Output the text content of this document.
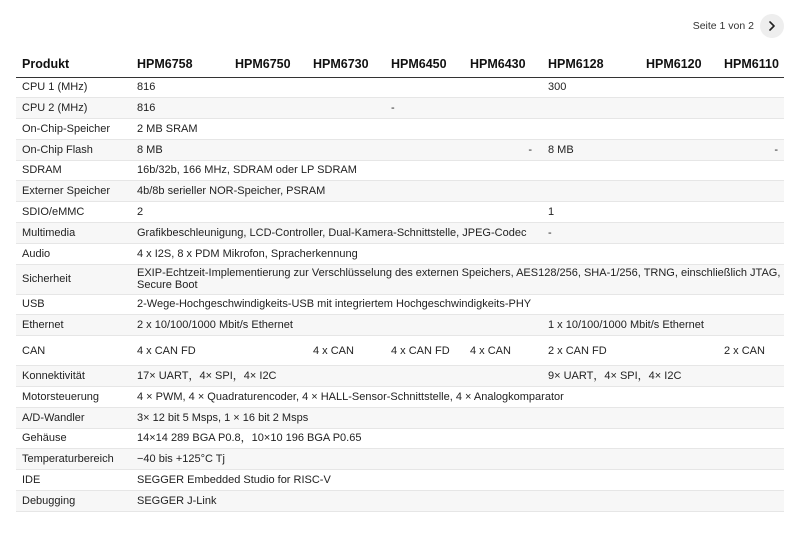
Seite 1 von 2
Produkt	HPM6758	HPM6750	HPM6730	HPM6450	HPM6430	HPM6128	HPM6120	HPM6110
CPU 1 (MHz)	816					300		
CPU 2 (MHz)	816			-				
On-Chip-Speicher	2 MB SRAM							
On-Chip Flash	8 MB				-	8 MB		-
SDRAM	16b/32b, 166 MHz, SDRAM oder LP SDRAM							
Externer Speicher	4b/8b serieller NOR-Speicher, PSRAM							
SDIO/eMMC	2					1		
Multimedia	Grafikbeschleunigung, LCD-Controller, Dual-Kamera-Schnittstelle, JPEG-Codec					-		
Audio	4 x I2S, 8 x PDM Mikrofon, Spracherkennung							
Sicherheit	EXIP-Echtzeit-Implementierung zur Verschlüsselung des externen Speichers, AES128/256, SHA-1/256, TRNG, einschließlich JTAG, Secure Boot							
USB	2-Wege-Hochgeschwindigkeits-USB mit integriertem Hochgeschwindigkeits-PHY							
Ethernet	2 x 10/100/1000 Mbit/s Ethernet					1 x 10/100/1000 Mbit/s Ethernet		
CAN	4 x CAN FD		4 x CAN	4 x CAN FD	4 x CAN	2 x CAN FD		2 x CAN
Konnektivität	17× UART，4× SPI，4× I2C					9× UART，4× SPI，4× I2C		
Motorsteuerung	4 × PWM, 4 × Quadraturencoder, 4 × HALL-Sensor-Schnittstelle, 4 × Analogkomparator							
A/D-Wandler	3× 12 bit 5 Msps, 1 × 16 bit 2 Msps							
Gehäuse	14×14 289 BGA P0.8，10×10 196 BGA P0.65							
Temperaturbereich	−40 bis +125°C Tj							
IDE	SEGGER Embedded Studio for RISC-V							
Debugging	SEGGER J-Link							
